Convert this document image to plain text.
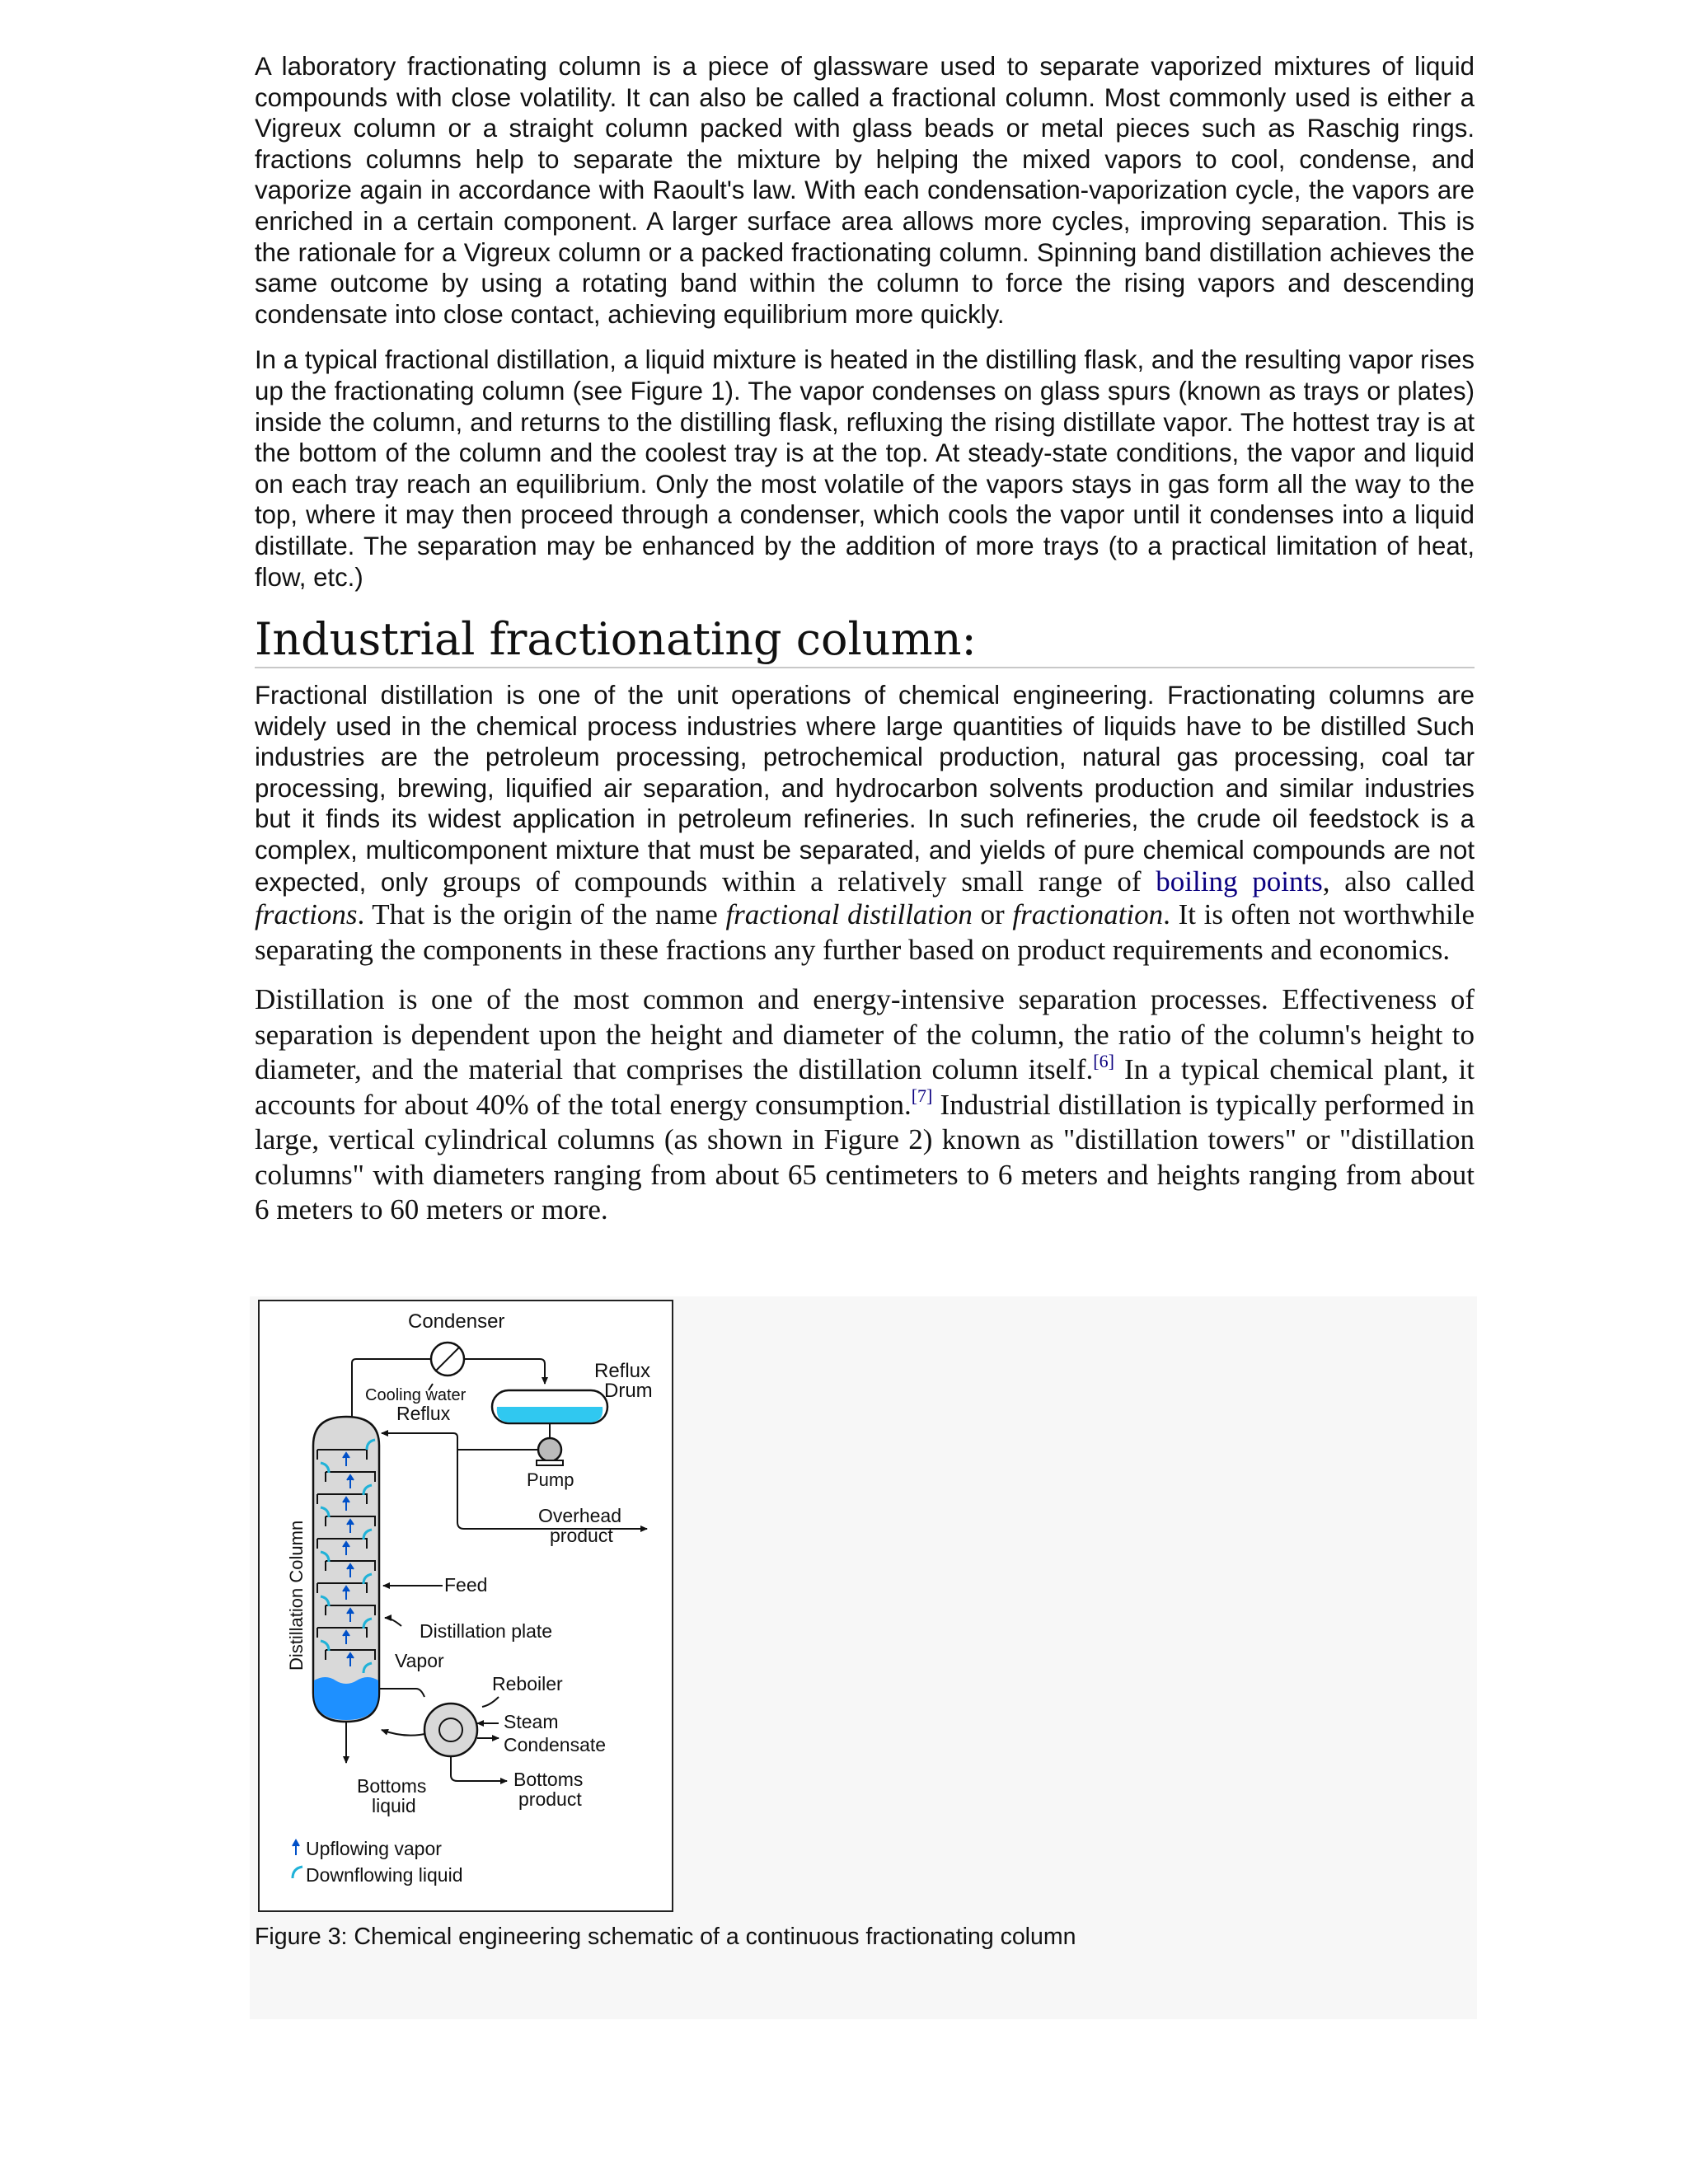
A laboratory fractionating column is a piece of glassware used to separate vaporized mixtures of liquid compounds with close volatility. It can also be called a fractional column. Most commonly used is either a Vigreux column or a straight column packed with glass beads or metal pieces such as Raschig rings. fractions columns help to separate the mixture by helping the mixed vapors to cool, condense, and vaporize again in accordance with Raoult's law. With each condensation-vaporization cycle, the vapors are enriched in a certain component. A larger surface area allows more cycles, improving separation. This is the rationale for a Vigreux column or a packed fractionating column. Spinning band distillation achieves the same outcome by using a rotating band within the column to force the rising vapors and descending condensate into close contact, achieving equilibrium more quickly.

In a typical fractional distillation, a liquid mixture is heated in the distilling flask, and the resulting vapor rises up the fractionating column (see Figure 1). The vapor condenses on glass spurs (known as trays or plates) inside the column, and returns to the distilling flask, refluxing the rising distillate vapor. The hottest tray is at the bottom of the column and the coolest tray is at the top. At steady-state conditions, the vapor and liquid on each tray reach an equilibrium. Only the most volatile of the vapors stays in gas form all the way to the top, where it may then proceed through a condenser, which cools the vapor until it condenses into a liquid distillate. The separation may be enhanced by the addition of more trays (to a practical limitation of heat, flow, etc.)

Industrial fractionating column:

Fractional distillation is one of the unit operations of chemical engineering. Fractionating columns are widely used in the chemical process industries where large quantities of liquids have to be distilled Such industries are the petroleum processing, petrochemical production, natural gas processing, coal tar processing, brewing, liquified air separation, and hydrocarbon solvents production and similar industries but it finds its widest application in petroleum refineries. In such refineries, the crude oil feedstock is a complex, multicomponent mixture that must be separated, and yields of pure chemical compounds are not expected, only groups of compounds within a relatively small range of boiling points, also called fractions. That is the origin of the name fractional distillation or fractionation. It is often not worthwhile separating the components in these fractions any further based on product requirements and economics.

Distillation is one of the most common and energy-intensive separation processes. Effectiveness of separation is dependent upon the height and diameter of the column, the ratio of the column's height to diameter, and the material that comprises the distillation column itself.[6] In a typical chemical plant, it accounts for about 40% of the total energy consumption.[7] Industrial distillation is typically performed in large, vertical cylindrical columns (as shown in Figure 2) known as "distillation towers" or "distillation columns" with diameters ranging from about 65 centimeters to 6 meters and heights ranging from about 6 meters to 60 meters or more.

Condenser
Cooling water
Reflux
Drum
Pump
Reflux
Overhead
product
Distillation Column	Feed
Distillation plate
Vapor
Reboiler
Steam
Condensate
Bottoms
product
Bottoms
liquid
Upflowing vapor
Downflowing liquid

Figure 3: Chemical engineering schematic of a continuous fractionating column
